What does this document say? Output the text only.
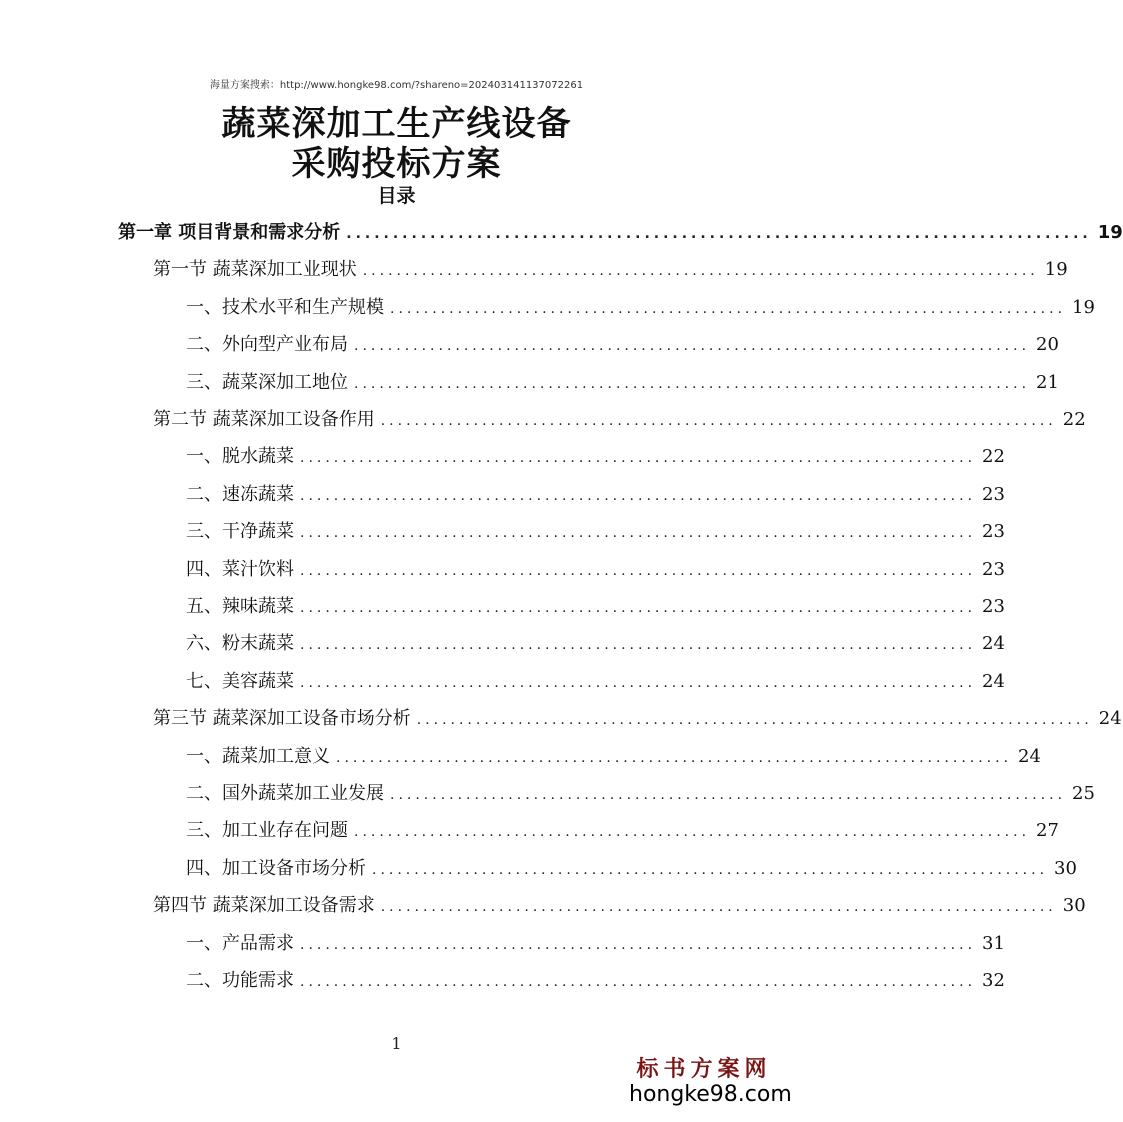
海量方案搜索：http://www.hongke98.com/?shareno=20240314113707226​1
蔬菜深加工生产线设备
采购投标方案
目录
第一章 项目背景和需求分析 ................................................................................ 19
第一节 蔬菜深加工业现状 ................................................................................ 19
一、技术水平和生产规模 ................................................................................ 19
二、外向型产业布局 ................................................................................ 20
三、蔬菜深加工地位 ................................................................................ 21
第二节 蔬菜深加工设备作用 ................................................................................ 22
一、脱水蔬菜 ................................................................................ 22
二、速冻蔬菜 ................................................................................ 23
三、干净蔬菜 ................................................................................ 23
四、菜汁饮料 ................................................................................ 23
五、辣味蔬菜 ................................................................................ 23
六、粉末蔬菜 ................................................................................ 24
七、美容蔬菜 ................................................................................ 24
第三节 蔬菜深加工设备市场分析 ................................................................................ 24
一、蔬菜加工意义 ................................................................................ 24
二、国外蔬菜加工业发展 ................................................................................ 25
三、加工业存在问题 ................................................................................ 27
四、加工设备市场分析 ................................................................................ 30
第四节 蔬菜深加工设备需求 ................................................................................ 30
一、产品需求 ................................................................................ 31
二、功能需求 ................................................................................ 32
1
标书方案网
hongke98.com
